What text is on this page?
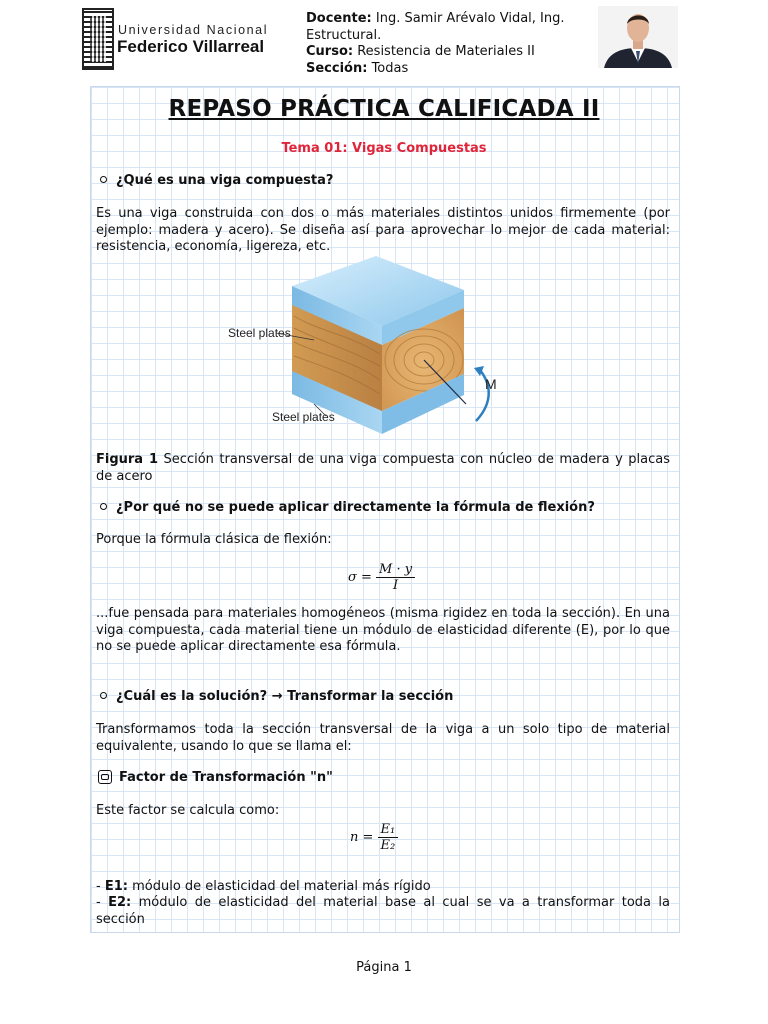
Universidad Nacional
Federico Villarreal
Docente: Ing. Samir Arévalo Vidal, Ing. Estructural.
Curso: Resistencia de Materiales II
Sección: Todas
REPASO PRÁCTICA CALIFICADA II
Tema 01: Vigas Compuestas
¿Qué es una viga compuesta?
Es una viga construida con dos o más materiales distintos unidos firmemente (por ejemplo: madera y acero). Se diseña así para aprovechar lo mejor de cada material: resistencia, economía, ligereza, etc.
Steel plates
Steel plates
M
Figura 1 Sección transversal de una viga compuesta con núcleo de madera y placas de acero
¿Por qué no se puede aplicar directamente la fórmula de flexión?
Porque la fórmula clásica de flexión:
$\sigma = \frac{M \cdot y}{I}$
...fue pensada para materiales homogéneos (misma rigidez en toda la sección). En una viga compuesta, cada material tiene un módulo de elasticidad diferente (E), por lo que no se puede aplicar directamente esa fórmula.
¿Cuál es la solución? → Transformar la sección
Transformamos toda la sección transversal de la viga a un solo tipo de material equivalente, usando lo que se llama el:
Factor de Transformación "n"
Este factor se calcula como:
$n = \frac{\text{E₁}}{\text{E₂}}$
- E1: módulo de elasticidad del material más rígido
- E2: módulo de elasticidad del material base al cual se va a transformar toda la sección
Página 1
